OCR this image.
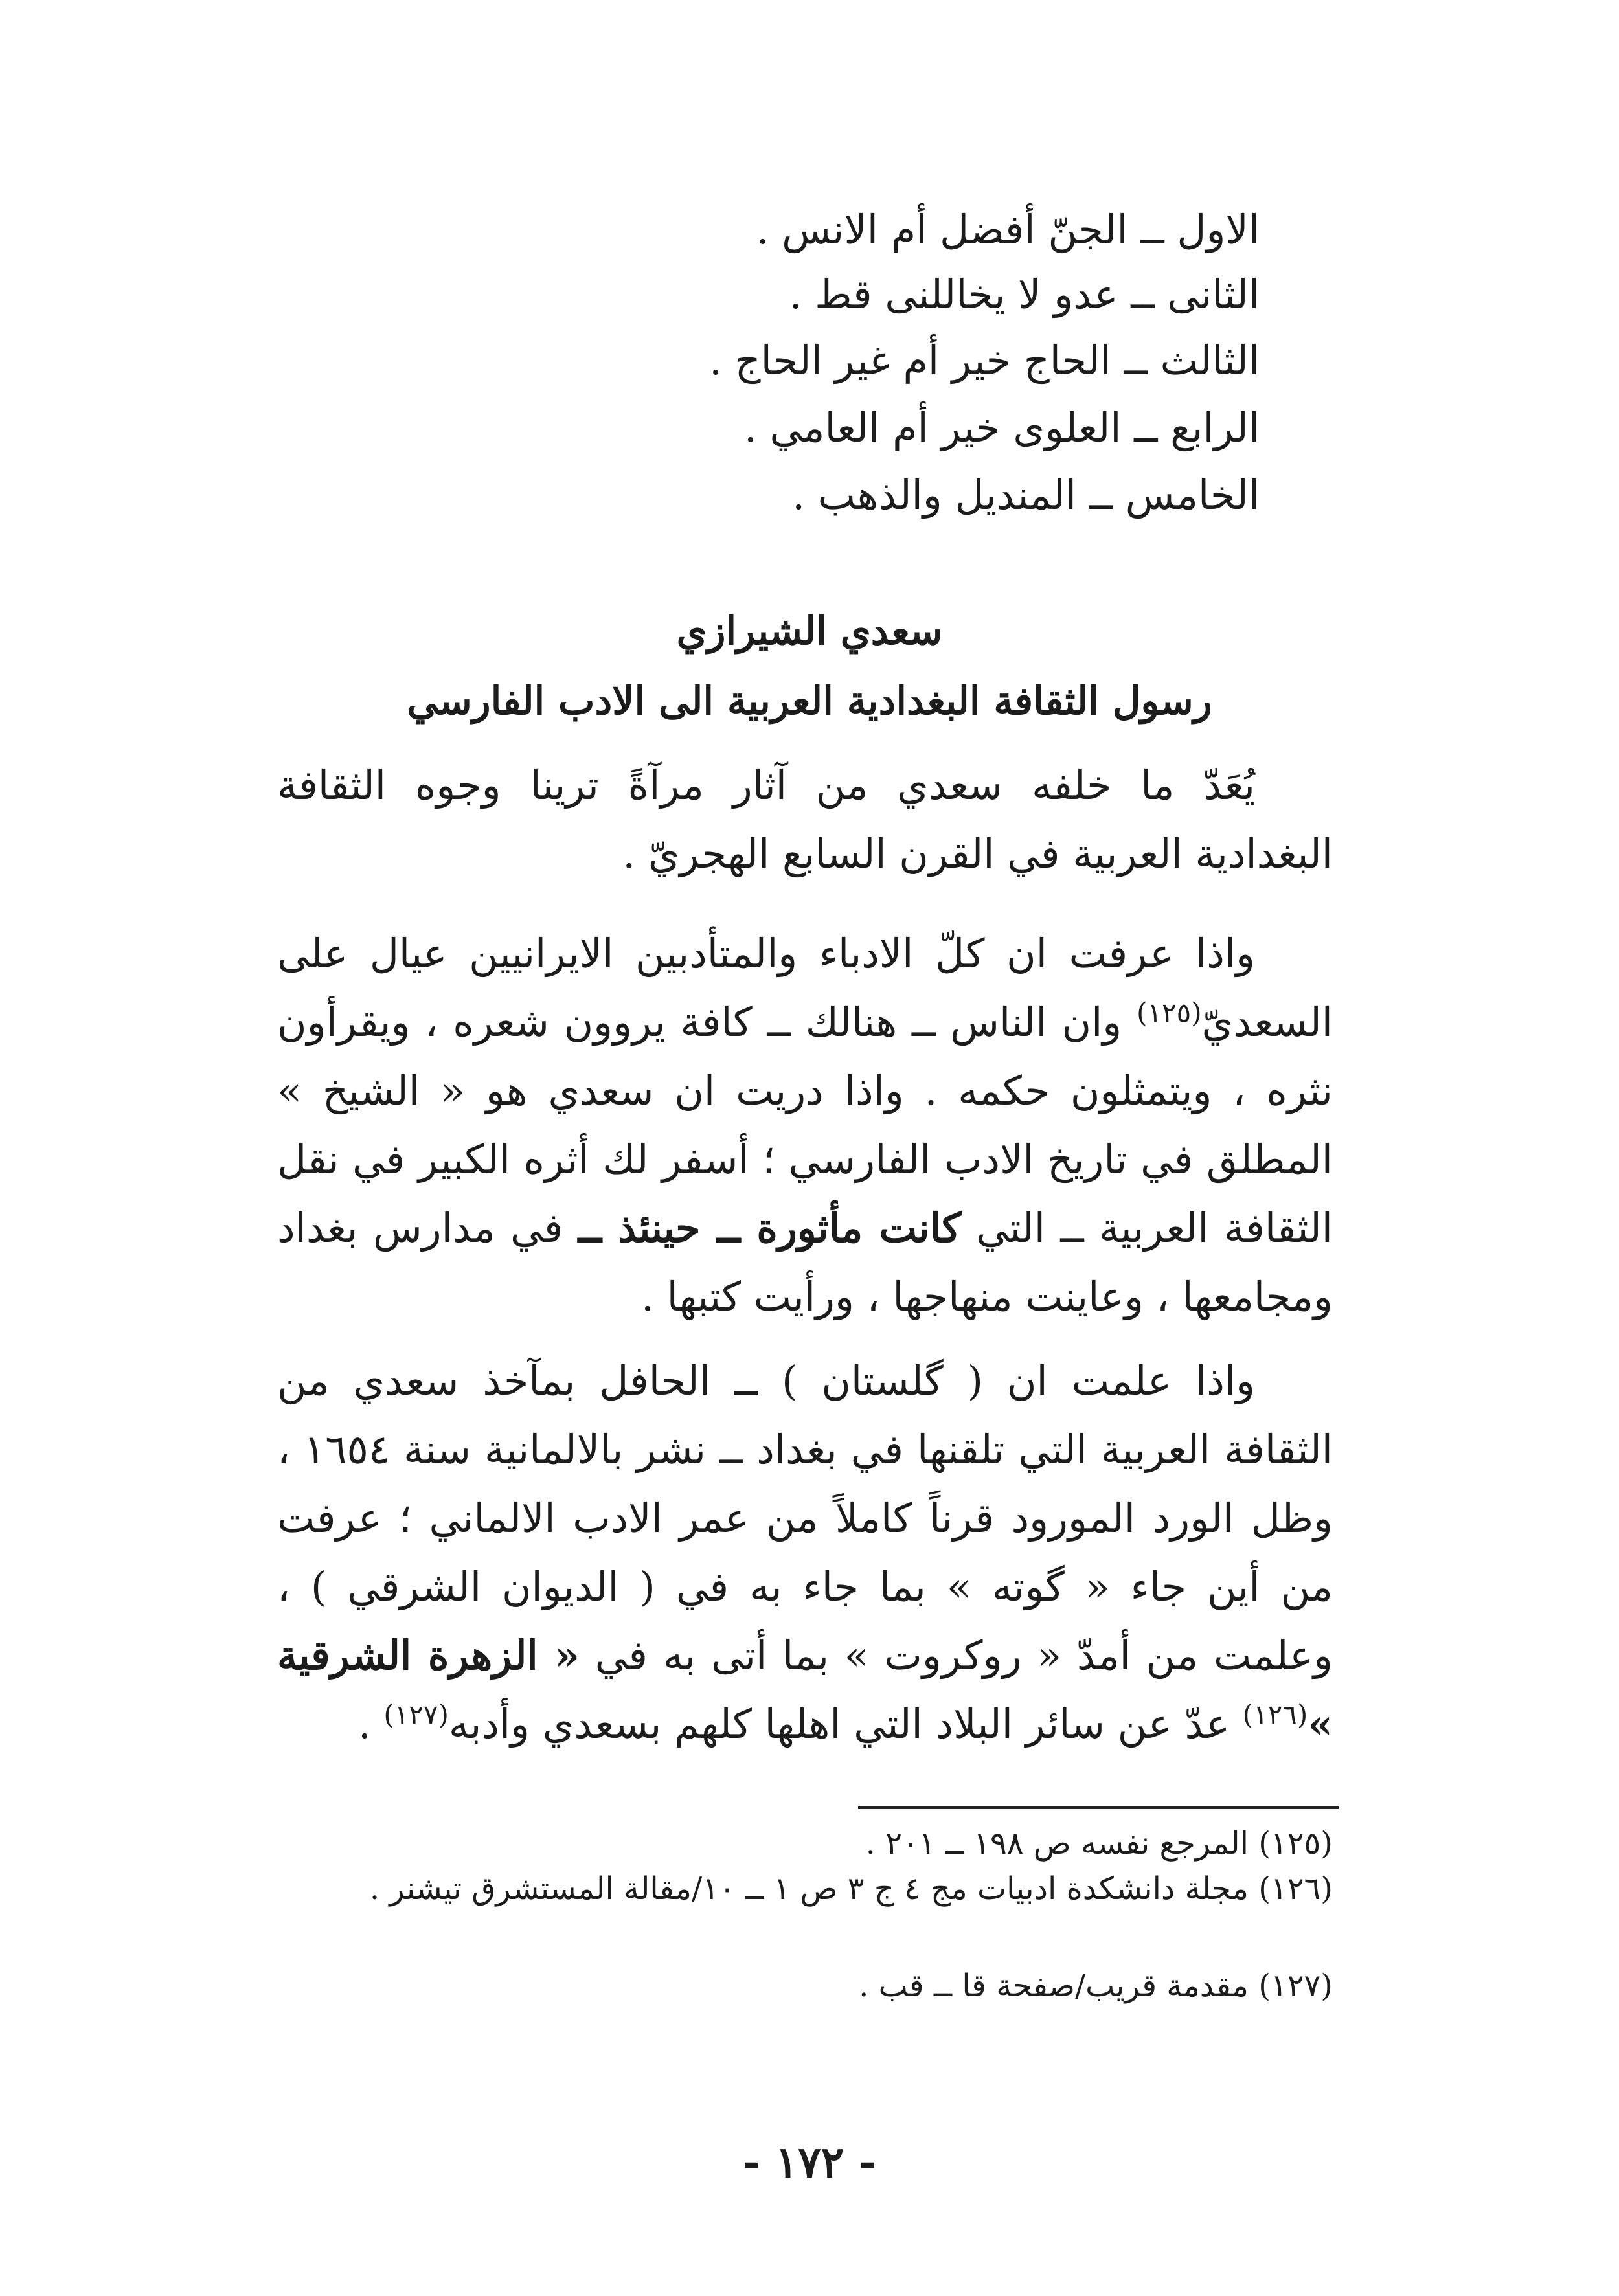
الاول ــ الجنّ أفضل أم الانس .
الثانى ــ عدو لا يخاللنى قط .
الثالث ــ الحاج خير أم غير الحاج .
الرابع ــ العلوى خير أم العامي .
الخامس ــ المنديل والذهب .
سعدي الشيرازي
رسول الثقافة البغدادية العربية الى الادب الفارسي
يُعَدّ ما خلفه سعدي من آثار مرآةً ترينا وجوه الثقافة البغدادية العربية في القرن السابع الهجريّ .
واذا عرفت ان كلّ الادباء والمتأدبين الايرانيين عيال على السعديّ$^{(١٢٥)}$ وان الناس ــ هنالك ــ كافة يروون شعره ، ويقرأون نثره ، ويتمثلون حكمه . واذا دريت ان سعدي هو « الشيخ » المطلق في تاريخ الادب الفارسي ؛ أسفر لك أثره الكبير في نقل الثقافة العربية ــ التي كانت مأثورة ــ حينئذ ــ في مدارس بغداد ومجامعها ، وعاينت منهاجها ، ورأيت كتبها .
واذا علمت ان ( گلستان ) ــ الحافل بمآخذ سعدي من الثقافة العربية التي تلقنها في بغداد ــ نشر بالالمانية سنة ١٦٥٤ ، وظل الورد المورود قرناً كاملاً من عمر الادب الالماني ؛ عرفت من أين جاء « گوته » بما جاء به في ( الديوان الشرقي ) ، وعلمت من أمدّ « روكروت » بما أتى به في « الزهرة الشرقية »$^{(١٢٦)}$ عدّ عن سائر البلاد التي اهلها كلهم بسعدي وأدبه$^{(١٢٧)}$ .
(١٢٥) المرجع نفسه ص ١٩٨ ــ ٢٠١ .
(١٢٦) مجلة دانشكدة ادبيات مج ٤ ج ٣ ص ١ ــ ١٠/مقالة المستشرق تيشنر .
(١٢٧) مقدمة قريب/صفحة قا ــ قب .
- ١٧٢ -
